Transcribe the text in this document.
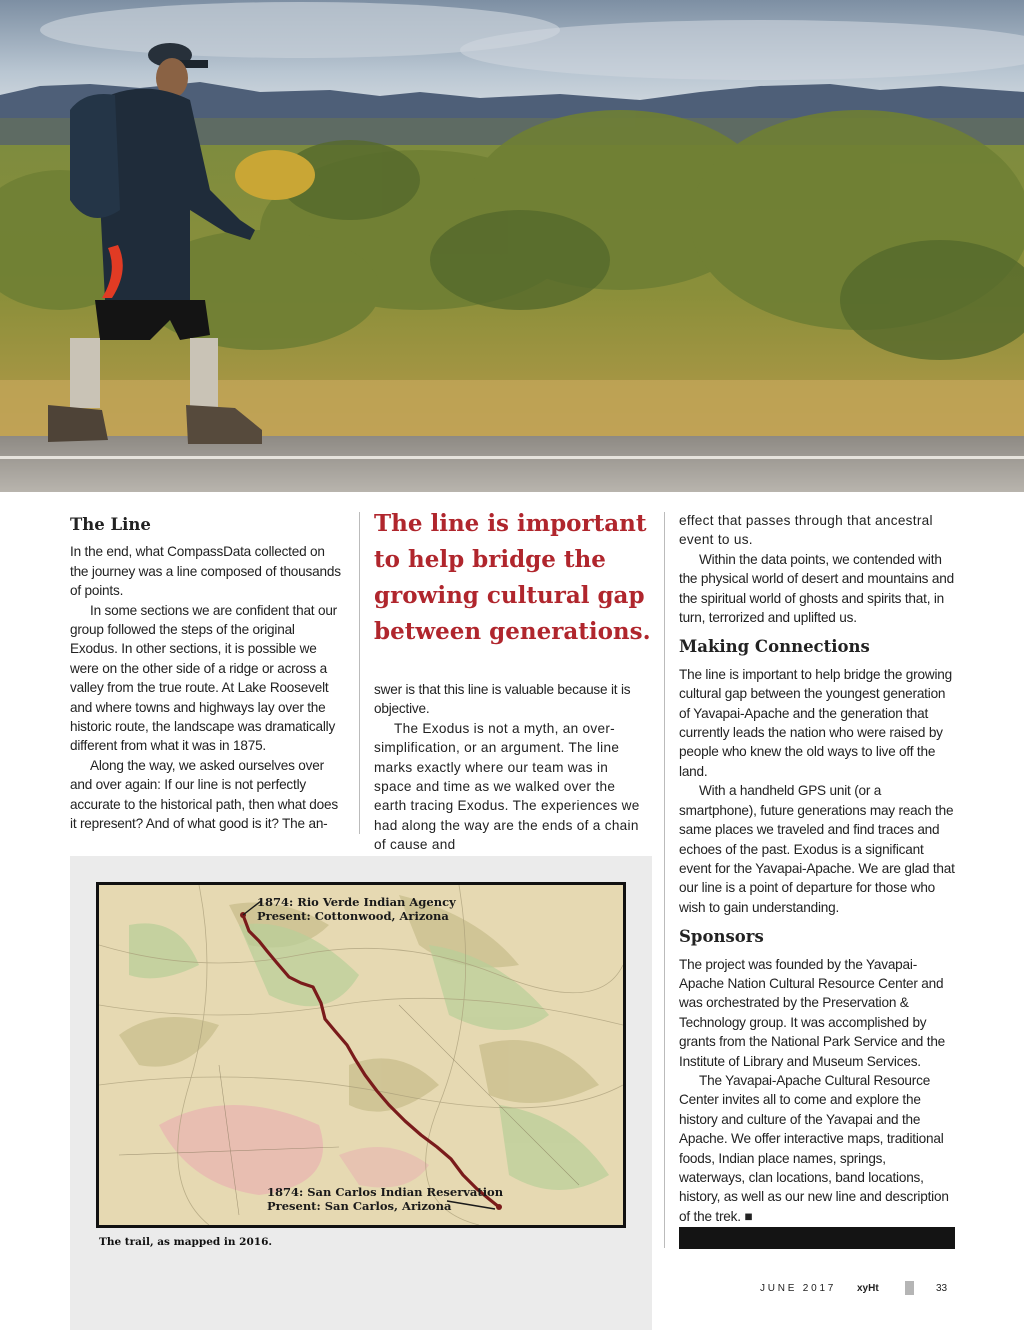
The Line

In the end, what CompassData collected on the journey was a line composed of thousands of points.

In some sections we are confident that our group followed the steps of the original Exodus. In other sections, it is possible we were on the other side of a ridge or across a valley from the true route. At Lake Roosevelt and where towns and highways lay over the historic route, the landscape was dramatically different from what it was in 1875.

Along the way, we asked ourselves over and over again: If our line is not perfectly accurate to the historical path, then what does it represent? And of what good is it? The an-

The line is important to help bridge the growing cultural gap between generations.

swer is that this line is valuable because it is objective.

The Exodus is not a myth, an over-simplification, or an argument. The line marks exactly where our team was in space and time as we walked over the earth tracing Exodus. The experiences we had along the way are the ends of a chain of cause and

effect that passes through that ancestral event to us.

Within the data points, we contended with the physical world of desert and mountains and the spiritual world of ghosts and spirits that, in turn, terrorized and uplifted us.

Making Connections

The line is important to help bridge the growing cultural gap between the youngest generation of Yavapai-Apache and the generation that currently leads the nation who were raised by people who knew the old ways to live off the land.

With a handheld GPS unit (or a smartphone), future generations may reach the same places we traveled and find traces and echoes of the past. Exodus is a significant event for the Yavapai-Apache. We are glad that our line is a point of departure for those who wish to gain understanding.

Sponsors

The project was founded by the Yavapai-Apache Nation Cultural Resource Center and was orchestrated by the Preservation & Technology group. It was accomplished by grants from the National Park Service and the Institute of Library and Museum Services.

The Yavapai-Apache Cultural Resource Center invites all to come and explore the history and culture of the Yavapai and the Apache. We offer interactive maps, traditional foods, Indian place names, springs, waterways, clan locations, band locations, history, as well as our new line and description of the trek. ■

1874: Rio Verde Indian Agency
Present: Cottonwood, Arizona
1874: San Carlos Indian Reservation
Present: San Carlos, Arizona
The trail, as mapped in 2016.
J U N E   2 0 1 7 xyHt	33
